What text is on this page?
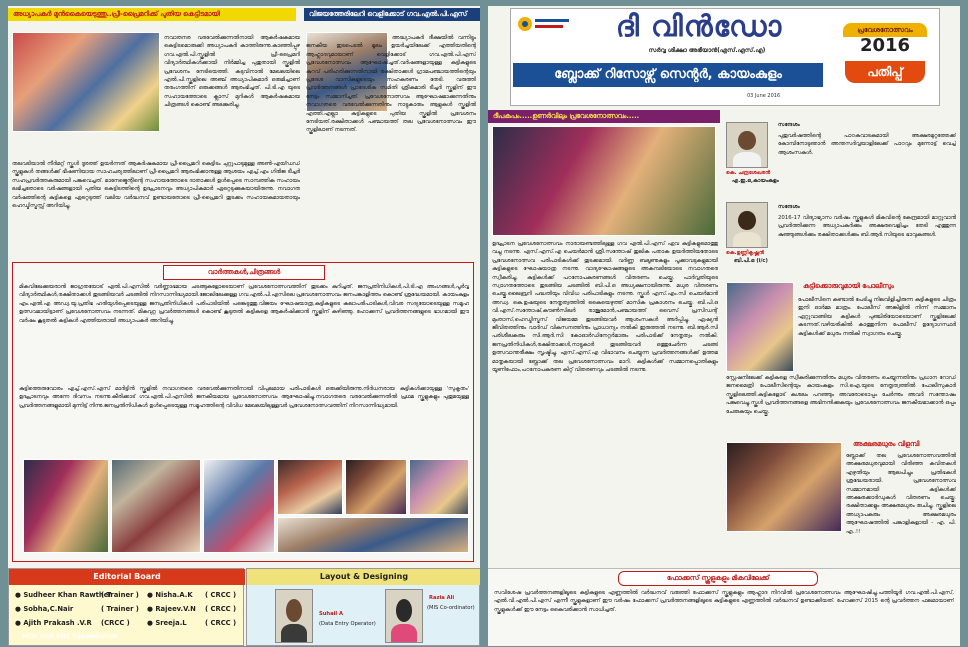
അധ്യാപകർ മുൻകൈയെടുത്തു..പ്രീ-പ്രൈമറിക്ക് പുതിയ കെട്ടിടമായി
നവാതനര വരവേൽക്കുന്നതിനായി ആകർഷകമായ കെട്ടിടമൊരുക്കി അധ്യാപകർ കാത്തിരുന്നു.കാഞ്ഞിപ്പുഴ ഗവ.എൽ.പി.സ്കൂളിൽ പ്രീ-പ്രൈമറി വിദ്യാർത്ഥികൾക്കായി നിർമ്മിച്ച പുതുതായി സ്കൂളിൽ പ്രവേശനം നേടിയെത്തി. കടുവിനാൽ മേഖലയിലെ എൽ.പി.സ്കൂളിലെ അഞ്ച് അധ്യാപികമാർ ഒരുമിച്ചാണ് തരംഗത്തിന് ഒരുക്കങ്ങൾ ആരംഭിച്ചത്. പി.ടി.എ യുടെ സഹായത്തോടെ ക്ലാസ് മുറികൾ ആകർഷകമായ ചിത്രങ്ങൾ കൊണ്ട് അലങ്കരിച്ചു.
തലവടിയാൽ നീർമറ്റ് സ്കൂൾ ദൂരത്ത് ഉയർന്നത് ആകർഷകമായ പ്രീ-പ്രൈമറി കെട്ടിടം ചുറ്റുപാടുമുള്ള അൺ-എയ്ഡഡ് സ്കൂളുകൾ തങ്ങൾക്ക് ഭീഷണിയായ സാഹചര്യത്തിലാണ് പ്രീ-പ്രൈമറി ആരംഭിക്കാനുള്ള ആശയം എച്ച്.എം ഗിരിജ ടീച്ചർ സഹപ്രവർത്തകരുമായി പങ്കുവെച്ചത്. മാനേജ്മെന്റിന്റെ സഹായത്തോടെ ദാതാക്കൾ ഉൾപ്പെടെ സാമ്പത്തിക സഹായം ലഭിച്ചതോടെ വർഷങ്ങളായി പുതിയ കെട്ടിടത്തിന്റെ ഉദ്ഘാടനവും അധ്യാപികമാർ ഏറ്റെടുക്കുകയായിരുന്നു. നവാഗത വർഷത്തിന്റെ കുട്ടികളെ ഏറ്റെടുത്ത് വലിയ വർദ്ധനവ് ഉണ്ടായതോടെ പ്രീ-പ്രൈമറി തുടക്കം സഹായകമായതായും ഹെഡ്മിസ്ട്രസ്സ് അറിയിച്ചു.
വിജയത്തേരിലേറി വെളിക്കോട് ഗവ.എൽ.പി.എസ്
അദ്ധ്യാപകർ ദീക്ഷയിൽ വന്നിട്ടും ജനകീയ ഇടപെടൽ മൂലം ഉയർച്ചയിലേക്ക് എത്തിയതിന്റെ ആഹ്ലാദവുമായാണ് വെളിക്കോട് ഗവ.എൽ.പി.എസ് പ്രവേശനോത്സവം ആഘോഷിച്ചത്.വർഷങ്ങളായുള്ള കുട്ടികളുടെ കുറവ് പരിഹരിക്കുന്നതിനായി രക്ഷിതാക്കൾ ഗ്രാമപഞ്ചായത്തിന്റെയും പ്രദേശ വാസികളുടെയും സഹകരണം തേടി. വരുത്തി പ്രവർത്തനങ്ങൾ പ്രാദേശിക സമിതി ശ്രീകുമാരി ടീച്ചർ സ്കൂളിന് ഈ നേട്ടം സമ്മാനിച്ചത്. പ്രവേശനോത്സവം ആഘോഷമാക്കുന്നതിനും നവാഗതരെ വരവേൽക്കുന്നതിനും നാട്ടുകാരും ആളുകൾ സ്കൂളിൽ എത്തി.എല്ലാ കുട്ടികളുടെ പുതിയ സ്കൂളിൽ പ്രവേശനം നേടിയത്.രക്ഷിതാക്കൾ പഞ്ചായത്ത് തല പ്രവേശനോത്സവം ഈ സ്കൂളിലാണ് നടന്നത്.
വാർത്തകൾ,ചിത്രങ്ങൾ
മികവിലേക്കുയരാൻ ജാഗ്രതയോട് എൽ.പി.എസിൽ വർണ്ണാഭമായ ചടങ്ങുകളോടെയാണ് പ്രവേശനോത്സവത്തിന് തുടക്കം കുറിച്ചത്. ജനപ്രതിനിധികൾ,പി.ടി.എ അംഗങ്ങൾ,പൂർവ്വ വിദ്യാർത്ഥികൾ,രക്ഷിതാക്കൾ തുടങ്ങിയവർ ചടങ്ങിൽ നിറസാന്നിദ്ധ്യമായി.ജോലിലേക്കുള്ള ഗവ.എൽ.പി.എസിലെ പ്രവേശനോത്സവം ജനപങ്കാളിത്തം കൊണ്ട് ശ്രദ്ധേയമായി. കായംകുളം എം.എൽ.എ അഡ്വ.യു.പ്രതിഭ ഹരിയുൾപ്പെടെയുള്ള ജനപ്രതിനിധികൾ പരിപാടിയിൽ പങ്കെടുത്തു.വിജയം ഘോഷയാത്ര,കുട്ടികളുടെ കലാപരിപാടികൾ,വിവര സദ്യയോടെയുള്ള സമൂഹ ഉത്സവമായിട്ടാണ് പ്രവേശനോത്സവം നടന്നത്. മികവുറ്റ പ്രവർത്തനങ്ങൾ കൊണ്ട് കൂടുതൽ കുട്ടികളെ ആകർഷിക്കാൻ സ്കൂളിന് കഴിഞ്ഞു. ഹോക്കസ് പ്രവർത്തനങ്ങളുടെ ഭാഗമായി ഈ വർഷം കൂടുതൽ കുട്ടികൾ എത്തിയതായി അധ്യാപകർ അറിയിച്ചു.
കുട്ടിത്തെരുവോരം എച്ച്.എസ്.എസ് മാർട്ടിൻ സ്കൂളിൽ നവാഗതരെ വരവേൽക്കുന്നതിനായി വിപുലമായ പരിപാടികൾ ഒരുക്കിയിരുന്നു.നിർധനരായ കുട്ടികൾക്കായുള്ള 'സുകൃതം' ഉദ്ഘാടനവും അന്നേ ദിവസം നടന്നു.കീരിക്കാട് ഗവ.എൽ.പി.എസിൽ ജനകീയമായ പ്രവേശനോത്സവം ആഘോഷിച്ചു.നവാഗതരെ വരവേൽക്കുന്നതിൽ പ്രഥമ സ്കൂളുകളും പുതുമയുള്ള പ്രവർത്തനങ്ങളുമായി മുന്നിട്ട് നിന്നു.ജനപ്രതിനിധികൾ ഉൾപ്പെടെയുള്ള സമൂഹത്തിന്റെ വിവിധ മേഖലയിലുള്ളവർ പ്രവേശനോത്സവത്തിന് നിറസാന്നിദ്ധ്യമായി.
Editorial Board
● Sudheer Khan Rawther
( Trainer )
● Sobha,C.Nair	( Trainer )
● Ajith Prakash .V.R (CRCC )
● Nisha.A.K ( CRCC )
● Rajeev.V.N ( CRCC )
● Sreeja.L	( CRCC )
Layout & Designing
Suhail A
(Data Entry Operator)
Razia Ali
(MIS Co-ordinator)
MIS- Unit BRC Kayamkulam
ദി വിൻഡോ
സർവ്വ ശിക്ഷാ അഭിയാൻ(എസ്.എസ്.എ)
ബ്ലോക്ക് റിസോഴ്സ് സെന്റർ, കായംകുളം
03 June 2016
പ്രവേശനോത്സവം
2016
പതിപ്പ്
ദീപകപം.....ഉണർവിലും പ്രവേശനോത്സവം.....
ഉദ്ഘാടന പ്രവേശനോത്സവം നാരായണ്ടത്തിലുള്ള ഗവ എൽ.പി.എസ് ഏവ കുട്ടികളുമൊത്തു വച്ചു നടന്നു. എസ്.എസ്.എ ചെയർമാൻ ശ്രീ.സന്തോഷ് തുലിക പതാക ഉയർത്തിയതോടെ പ്രവേശനോത്സവ പരിപാടികൾക്ക് തുടക്കമായി. വർണ്ണ ബലൂണുകളും പൂക്കാവടുകളുമായി കുട്ടികളുടെ ഘോഷയാത്ര നടന്നു. വാദ്യഘോഷങ്ങളുടെ അകമ്പടിയോടെ നവാഗതരെ സ്വീകരിച്ചു. കുട്ടികൾക്ക് പഠനോപകരണങ്ങൾ വിതരണം ചെയ്തു. പാർവ്വതിയുടെ സ്വാഗതത്തോടെ തുടങ്ങിയ ചടങ്ങിൽ ബി.പി.ഒ അധ്യക്ഷനായിരുന്നു. മധുര വിതരണം ചെയ്തു.ലൈബ്രറി പദ്ധതിയും വിവിധ പരിപാടികളും നടന്നു. സ്കൂൾ എസ്.എം.സി ചെയർമാൻ അഡ്വ. കെ.ഉഷയുടെ നേതൃത്വത്തിൽ കൈയെഴുത്ത് മാസിക പ്രകാശനം ചെയ്തു. ബി.പി.ഒ വി.എസ്.സന്തോഷ്,കൗൺസിലർ രാജുമോൻ,പഞ്ചായത്ത് വൈസ് പ്രസിഡന്റ് മുംതാസ്,ഹെഡ്മിസ്ട്രസ് വിജയമ്മ തുടങ്ങിയവർ ആശംസകൾ അർപ്പിച്ചു. ഏഷ്യൻ ജീവിതത്തിനും വാർഡ് വികസനത്തിനും പ്രാധാന്യം നൽകി ഇരുത്തൽ നടന്നു. ബി.ആർ.സി പരിശീലകരും സി.ആർ.സി കോഓർഡിനേറ്റർമാരും പരിപാടിക്ക് നേതൃത്വം നൽകി. ജനപ്രതിനിധികൾ,രക്ഷിതാക്കൾ,നാട്ടുകാർ തുടങ്ങിയവർ ഒത്തുചേർന്ന ചടങ്ങ് ഉത്സവാന്തരീക്ഷം സൃഷ്ടിച്ചു. എസ്.എസ്.എ വിഭാവനം ചെയ്യുന്ന പ്രവർത്തനങ്ങൾക്ക് ഉത്തമ മാതൃകയായി ബ്ലോക്ക് തല പ്രവേശനോത്സവം മാറി. കുട്ടികൾക്ക് സമ്മാനപ്പൊതികളും യൂണിഫോം,പഠനോപകരണ കിറ്റ് വിതരണവും ചടങ്ങിൽ നടന്നു.
കെ. ചന്ദ്രശേഖരൻ
എ.ഇ.ഒ,കായംകുളം
സന്ദേശം
പുതുവർഷത്തിന്റെ പാഠകവാടകമായി അക്ഷരമുറ്റത്തേക്ക് കോമ്പിനോടുഞാൻ അന്തസർവ്വയാളിലേക്ക് പാഠവും മുന്നോട്ട് വെച്ച് ആശംസകൾ.
കെ.ഉണ്ണികൃഷ്ണൻ
ബി.പി.ഒ (i/c)
സന്ദേശം
2016-17 വിദ്യാഭ്യാസ വർഷം സ്കൂളുകൾ മികവിന്റെ കേന്ദ്രമായി മാറ്റുവാൻ പ്രവർത്തിക്കുന്ന അധ്യാപകർക്കും അക്ഷരവെളിച്ചം തേടി എത്തുന്ന കുഞ്ഞുങ്ങൾക്കും രക്ഷിതാക്കൾക്കും ബി.ആർ.സിയുടെ ഭാവുകങ്ങൾ.
കുട്ടിക്കൊരുവുമായി പോലീസും
പോലീസിനെ കണ്ടാൽ പേടിച്ചു നിലവിളിച്ചിരുന്ന കുട്ടികളുടെ ചിത്രം ഇനി ഓർമ്മ മാത്രം. പോലീസ് അങ്കിളിൽ നിന്ന് സമ്മാനം ഏറ്റുവാങ്ങിയ കുട്ടികൾ പുഞ്ചിരിയോടെയാണ് സ്കൂളിലേക്ക് കടന്നത്.വഴിയരികിൽ കാത്തുനിന്ന പോലീസ് ഉദ്യോഗസ്ഥർ കുട്ടികൾക്ക് മധുരം നൽകി സ്വാഗതം ചെയ്തു.
സ്റ്റേഷനിലേക്ക് കുട്ടികളെ സ്വീകരിക്കുന്നതിനും മധുരം വിതരണം ചെയ്യുന്നതിനും പ്രധാന റോഡ് ജനമൈത്രി പോലീസിന്റെയും കായംകുളം സി.ഐ.യുടെ നേതൃത്വത്തിൽ പോലീസുകാർ സ്കൂളിലെത്തി.കുട്ടികളോട് കുശലം പറഞ്ഞും അവരോടൊപ്പം ചേർന്നും അവർ സന്തോഷം പങ്കുവെച്ചു.സ്കൂൾ പ്രവർത്തനങ്ങളെ അഭിനന്ദിക്കുകയും പ്രവേശനോത്സവം ജനകീയമാക്കാൻ ഒപ്പം ചേരുകയും ചെയ്തു.
അക്ഷരമധുരം വിളമ്പി
ബ്ലോക്ക് തല പ്രവേശനോത്സവത്തിൽ അക്ഷരമധുരവുമായി വിരിഞ്ഞ കവിതകൾ എഴുതിയും ആലപിച്ചും പ്രതിഭകൾ ശ്രദ്ധേയരായി. പ്രവേശനോത്സവ സമ്മാനമായി കുട്ടികൾക്ക് അക്ഷരക്കാർഡുകൾ വിതരണം ചെയ്തു. രക്ഷിതാക്കളും അക്ഷരമധുരം രുചിച്ചു. സ്കൂളിലെ അധ്യാപകരും അക്ഷരമധുരം ആഘോഷത്തിൽ പങ്കാളികളായി - എ. പി. എ..!!
ഫോക്കസ് സ്കൂളുകളും മികവിലേക്ക്
സവിശേഷ പ്രവർത്തനങ്ങളിലൂടെ കുട്ടികളുടെ എണ്ണത്തിൽ വർദ്ധനവ് വരുത്തി ഫോക്കസ് സ്കൂളുകളും ആഹ്ലാദ നിറവിൽ പ്രവേശനോത്സവം ആഘോഷിച്ചു.പത്തിയൂർ ഗവ.എൽ.പി.എസ്, എൽ.വി.എൽ.പി.എസ് എന്നീ സ്കൂളുകളാണ് ഈ വർഷം ഫോക്കസ് പ്രവർത്തനങ്ങളിലൂടെ കുട്ടികളുടെ എണ്ണത്തിൽ വർദ്ധനവ് ഉണ്ടാക്കിയത്. ഹോക്കസ് 2015 ന്റെ പ്രവർത്തന ഫലമായാണ് സ്കൂളുകൾക്ക് ഈ നേട്ടം കൈവരിക്കാൻ സാധിച്ചത്.
